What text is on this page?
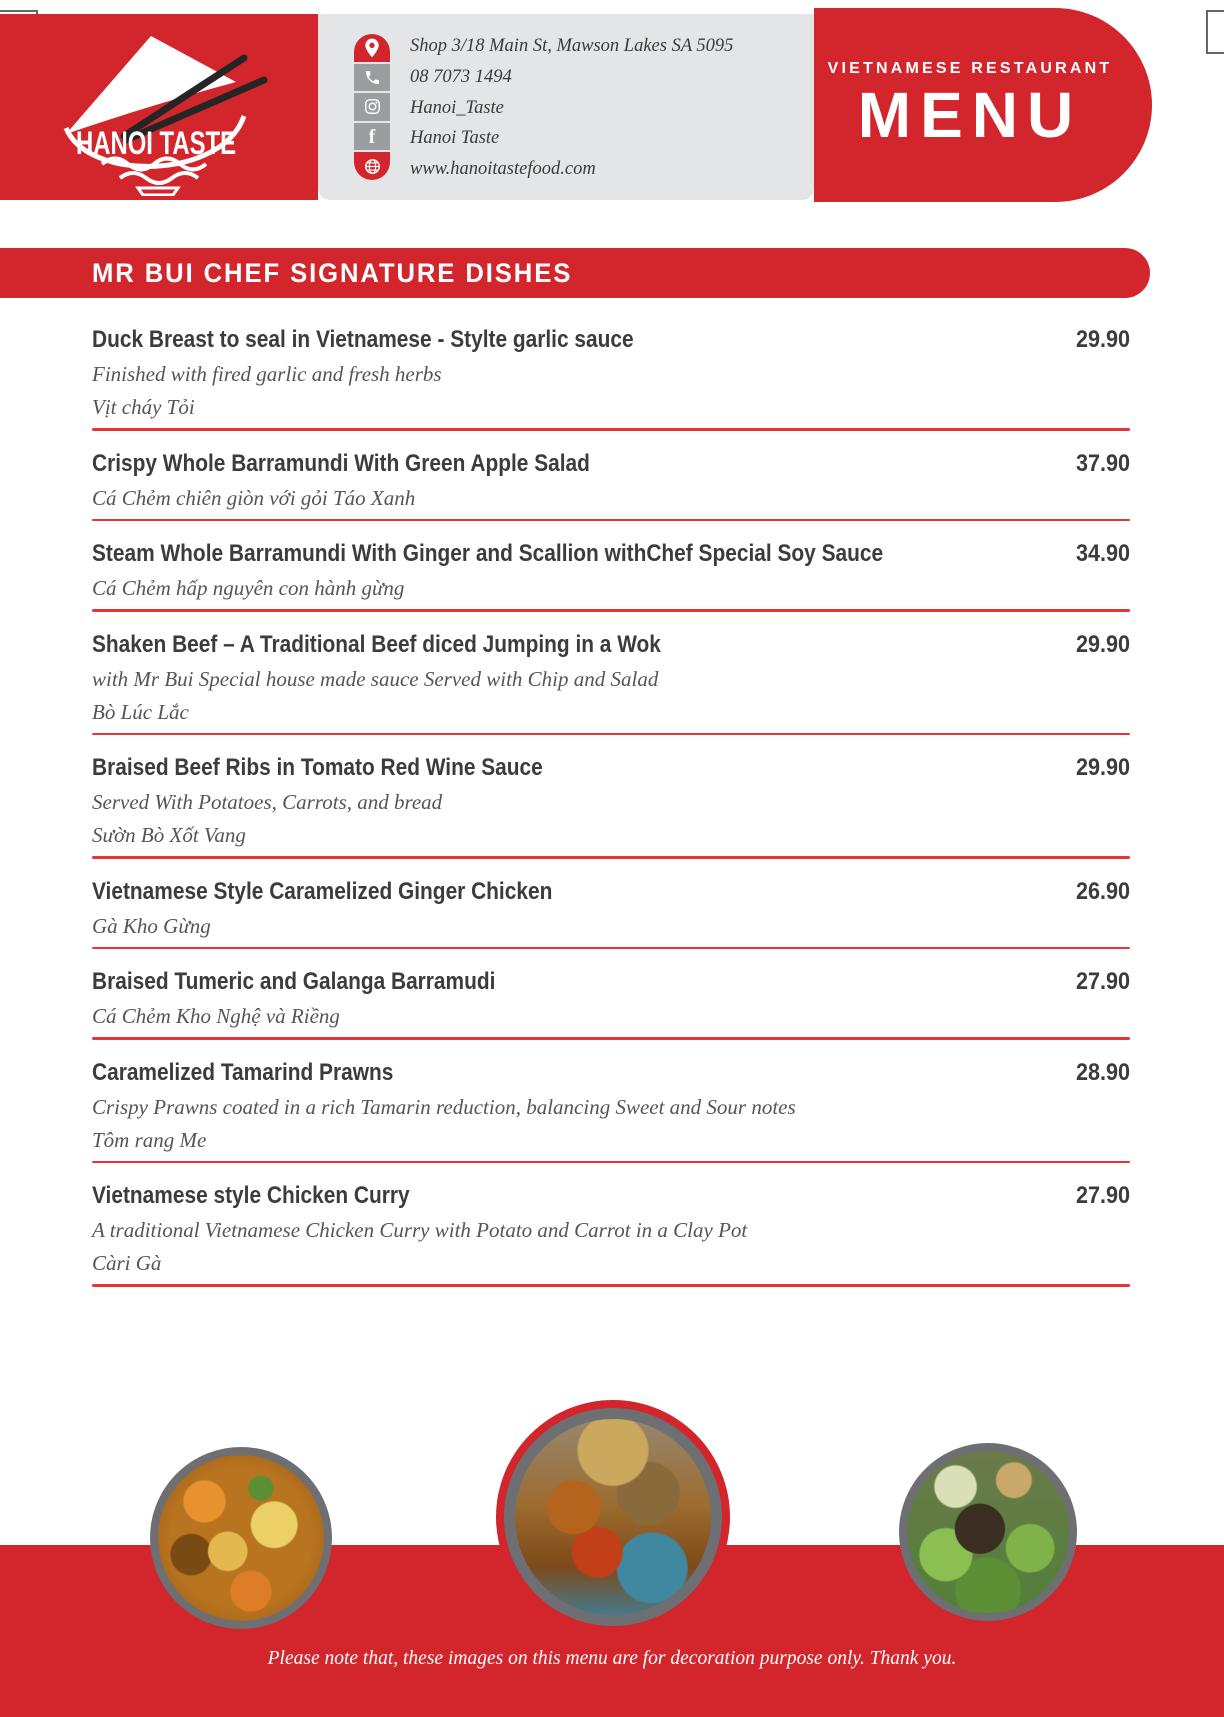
HANOI TASTE	f
Shop 3/18 Main St, Mawson Lakes SA 5095
08 7073 1494
Hanoi_Taste
Hanoi Taste
www.hanoitastefood.com
VIETNAMESE RESTAURANT
MENU
MR BUI CHEF SIGNATURE DISHES
Duck Breast to seal in Vietnamese - Stylte garlic sauce	29.90
Finished with fired garlic and fresh herbs
Vịt cháy Tỏi
Crispy Whole Barramundi With Green Apple Salad	37.90
Cá Chẻm chiên giòn với gỏi Táo Xanh
Steam Whole Barramundi With Ginger and Scallion withChef Special Soy Sauce	34.90
Cá Chẻm hấp nguyên con hành gừng
Shaken Beef – A Traditional Beef diced Jumping in a Wok	29.90
with Mr Bui Special house made sauce Served with Chip and Salad
Bò Lúc Lắc
Braised Beef Ribs in Tomato Red Wine Sauce	29.90
Served With Potatoes, Carrots, and bread
Sườn Bò Xốt Vang
Vietnamese Style Caramelized Ginger Chicken	26.90
Gà Kho Gừng
Braised Tumeric and Galanga Barramudi	27.90
Cá Chẻm Kho Nghệ và Riềng
Caramelized Tamarind Prawns	28.90
Crispy Prawns coated in a rich Tamarin reduction, balancing Sweet and Sour notes
Tôm rang Me
Vietnamese style Chicken Curry	27.90
A traditional Vietnamese Chicken Curry with Potato and Carrot in a Clay Pot
Càri Gà
Please note that, these images on this menu are for decoration purpose only. Thank you.
